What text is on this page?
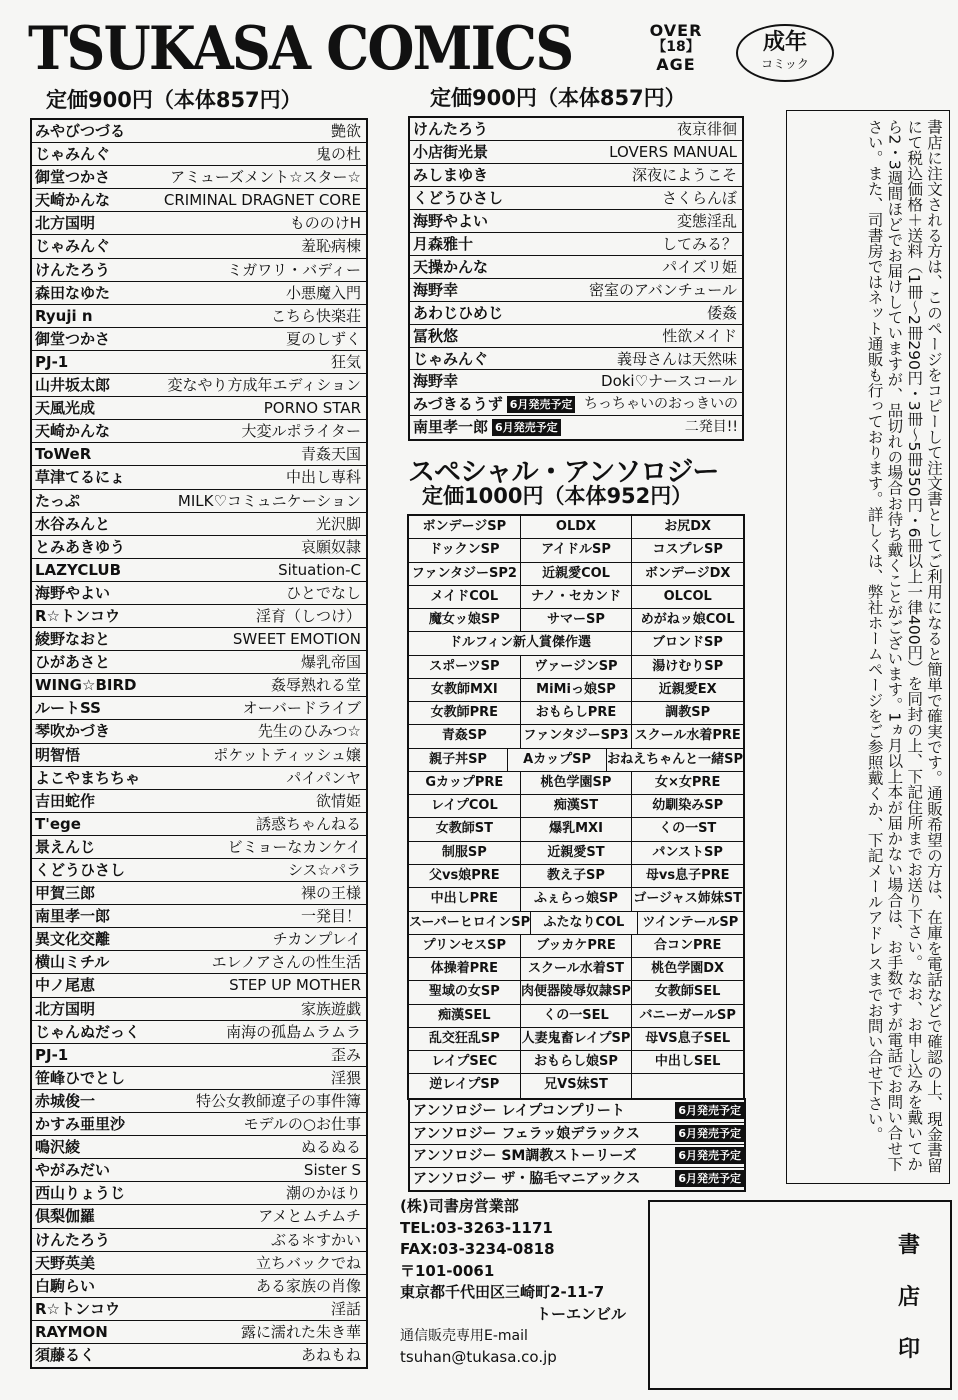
TSUKASA COMICS	OVER
【18】
AGE
成年
コミック
定価900円（本体857円）	定価900円（本体857円）
みやびつづる	艶欲
じゃみんぐ	鬼の杜
御堂つかさ	アミューズメント☆スター☆
天崎かんな	CRIMINAL DRAGNET CORE
北方国明	もののけH
じゃみんぐ	羞恥病棟
けんたろう	ミガワリ・バディー
森田なゆた	小悪魔入門
Ryuji n	こちら快楽荘
御堂つかさ	夏のしずく
PJ-1	狂気
山井坂太郎	変なやり方成年エディション
天風光成	PORNO STAR
天崎かんな	大変ルポライター
ToWeR	青姦天国
草津てるにょ	中出し専科
たっぷ	MILK♡コミュニケーション
水谷みんと	光沢脚
とみあきゆう	哀願奴隷
LAZYCLUB	Situation-C
海野やよい	ひとでなし
R☆トンコウ	淫育（しつけ）
綾野なおと	SWEET EMOTION
ひがあさと	爆乳帝国
WING☆BIRD	姦辱熟れる堂
ルートSS	オーバードライブ
琴吹かづき	先生のひみつ☆
明智悟	ポケットティッシュ嬢
よこやまちちゃ	パイパンヤ
吉田蛇作	欲情姫
T'ege	誘惑ちゃんねる
景えんじ	ビミョーなカンケイ
くどうひさし	シス☆パラ
甲賀三郎	裸の王様
南里孝一郎	一発目！
異文化交離	チカンプレイ
横山ミチル	エレノアさんの性生活
中ノ尾恵	STEP UP MOTHER
北方国明	家族遊戯
じゃんぬだっく	南海の孤島ムラムラ
PJ-1	歪み
笹峰ひでとし	淫猥
赤城俊一	特公女教師遼子の事件簿
かすみ亜里沙	モデルの○お仕事
鳴沢綾	ぬるぬる
やがみだい	Sister S
西山りょうじ	潮のかほり
倶梨伽羅	アメとムチムチ
けんたろう	ぶる＊すかい
天野英美	立ちバックでね
白駒らい	ある家族の肖像
R☆トンコウ	淫話
RAYMON	露に濡れた朱き華
須藤るく	あねもね
けんたろう	夜京徘徊
小店街光景	LOVERS MANUAL
みしまゆき	深夜にようこそ
くどうひさし	さくらんぼ
海野やよい	変態淫乱
月森雅十	してみる？
天操かんな	パイズリ姫
海野幸	密室のアバンチュール
あわじひめじ	倭姦
冨秋悠	性欲メイド
じゃみんぐ	義母さんは天然味
海野幸	Doki♡ナースコール
みづきるうず 6月発売予定 ちっちゃいのおっきいの
南里孝一郎 6月発売予定	二発目!!
スペシャル・アンソロジー
定価1000円（本体952円）
ボンデージSP	OLDX	お尻DX
ドックンSP	アイドルSP	コスプレSP
ファンタジーSP2	近親愛COL	ボンデージDX
メイドCOL	ナノ・セカンド	OLCOL
魔女ッ娘SP	サマーSP	めがねッ娘COL
ドルフィン新人賞傑作選	ブロンドSP
スポーツSP	ヴァージンSP	湯けむりSP
女教師MXI	MiMiっ娘SP	近親愛EX
女教師PRE	おもらしPRE	調教SP
青姦SP	ファンタジーSP3 スクール水着PRE
親子丼SP	AカップSP	おねえちゃんと一緒SP
GカップPRE	桃色学園SP	女×女PRE
レイプCOL	痴漢ST	幼馴染みSP
女教師ST	爆乳MXI	くの一ST
制服SP	近親愛ST	パンストSP
父vs娘PRE	教え子SP	母vs息子PRE
中出しPRE	ふぇらっ娘SP	ゴージャス姉妹ST
スーパーヒロインSP	ふたなりCOL	ツインテールSP
プリンセスSP	ブッカケPRE	合コンPRE
体操着PRE	スクール水着ST	桃色学園DX
聖域の女SP	肉便器陵辱奴隷SP	女教師SEL
痴漢SEL	くの一SEL	バニーガールSP
乱交狂乱SP	人妻鬼畜レイプSP	母VS息子SEL
レイプSEC	おもらし娘SP	中出しSEL
逆レイプSP	兄VS妹ST
アンソロジー レイプコンプリート	6月発売予定
アンソロジー フェラッ娘デラックス	6月発売予定
アンソロジー SM調教ストーリーズ	6月発売予定
アンソロジー ザ・脇毛マニアックス	6月発売予定
(株)司書房営業部
TEL:03-3263-1171
FAX:03-3234-0818
〒101-0061
東京都千代田区三崎町2-11-7
トーエンビル
通信販売専用E-mail
tsuhan@tukasa.co.jp
書
店
印
書店に注文される方は、このページをコピーして注文書としてご利用になると簡単で確実です。通販希望の方は、在庫を電話などで確認の上、現金書留にて税込価格＋送料（1冊〜2冊290円・3冊〜5冊350円・6冊以上一律400円）を同封の上、下記住所までお送り下さい。なお、お申し込みを戴いてから2・3週間ほどでお届けしていますが、品切れの場合お待ち戴くことがございます。1ヵ月以上本が届かない場合は、お手数ですが電話でお問い合せ下さい。また、司書房ではネット通販も行っております。詳しくは、弊社ホームページをご参照戴くか、下記メールアドレスまでお問い合せ下さい。
